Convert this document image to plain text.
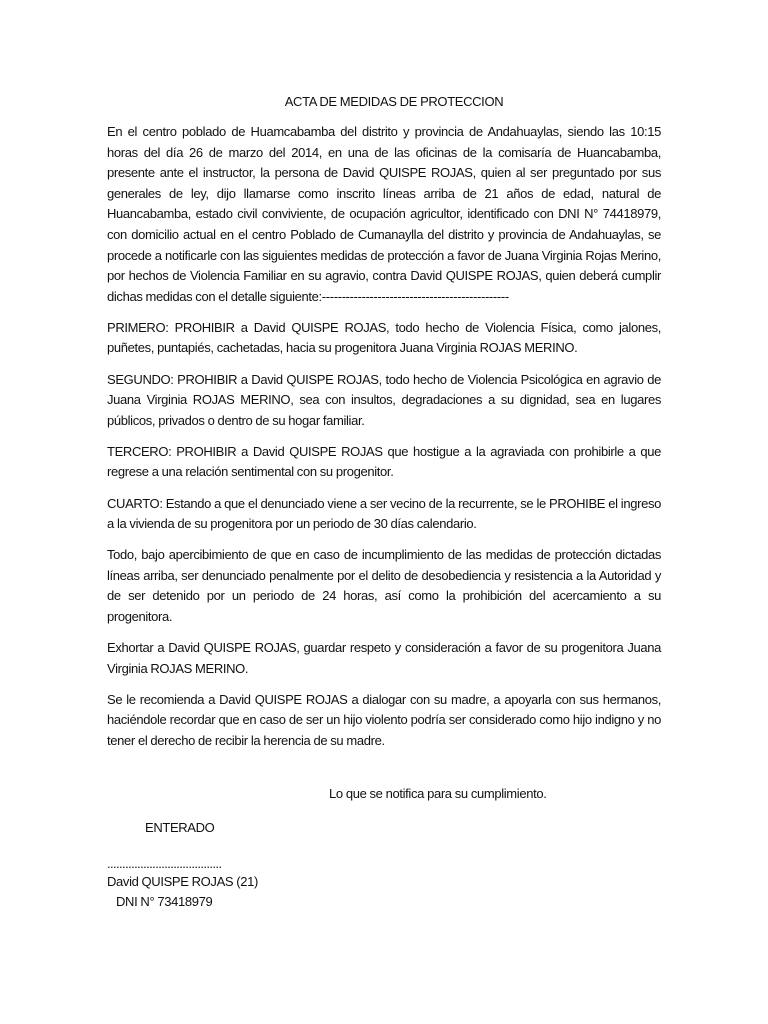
ACTA DE MEDIDAS DE PROTECCION

En el centro poblado de Huamcabamba del distrito y provincia de Andahuaylas, siendo las 10:15 horas del día 26 de marzo del 2014, en una de las oficinas de la comisaría de Huancabamba, presente ante el instructor, la persona de David QUISPE ROJAS, quien al ser preguntado por sus generales de ley, dijo llamarse como inscrito líneas arriba de 21 años de edad, natural de Huancabamba, estado civil conviviente, de ocupación agricultor, identificado con DNI N° 74418979, con domicilio actual en el centro Poblado de Cumanaylla del distrito y provincia de Andahuaylas, se procede a notificarle con las siguientes medidas de protección a favor de Juana Virginia Rojas Merino, por hechos de Violencia Familiar en su agravio, contra David QUISPE ROJAS, quien deberá cumplir dichas medidas con el detalle siguiente:-----------------------------------------------

PRIMERO: PROHIBIR a David QUISPE ROJAS, todo hecho de Violencia Física, como jalones, puñetes, puntapiés, cachetadas, hacia su progenitora Juana Virginia ROJAS MERINO.

SEGUNDO: PROHIBIR a David QUISPE ROJAS, todo hecho de Violencia Psicológica en agravio de Juana Virginia ROJAS MERINO, sea con insultos, degradaciones a su dignidad, sea en lugares públicos, privados o dentro de su hogar familiar.

TERCERO: PROHIBIR a David QUISPE ROJAS que hostigue a la agraviada con prohibirle a que regrese a una relación sentimental con su progenitor.

CUARTO: Estando a que el denunciado viene a ser vecino de la recurrente, se le PROHIBE el ingreso a la vivienda de su progenitora por un periodo de 30 días calendario.

Todo, bajo apercibimiento de que en caso de incumplimiento de las medidas de protección dictadas líneas arriba, ser denunciado penalmente por el delito de desobediencia y resistencia a la Autoridad y de ser detenido por un periodo de 24 horas, así como la prohibición del acercamiento a su progenitora.

Exhortar a David QUISPE ROJAS, guardar respeto y consideración a favor de su progenitora Juana Virginia ROJAS MERINO.

Se le recomienda a David QUISPE ROJAS a dialogar con su madre, a apoyarla con sus hermanos, haciéndole recordar que en caso de ser un hijo violento podría ser considerado como hijo indigno y no tener el derecho de recibir la herencia de su madre.

Lo que se notifica para su cumplimiento.
ENTERADO
......................................
David QUISPE ROJAS (21)
DNI N° 73418979
